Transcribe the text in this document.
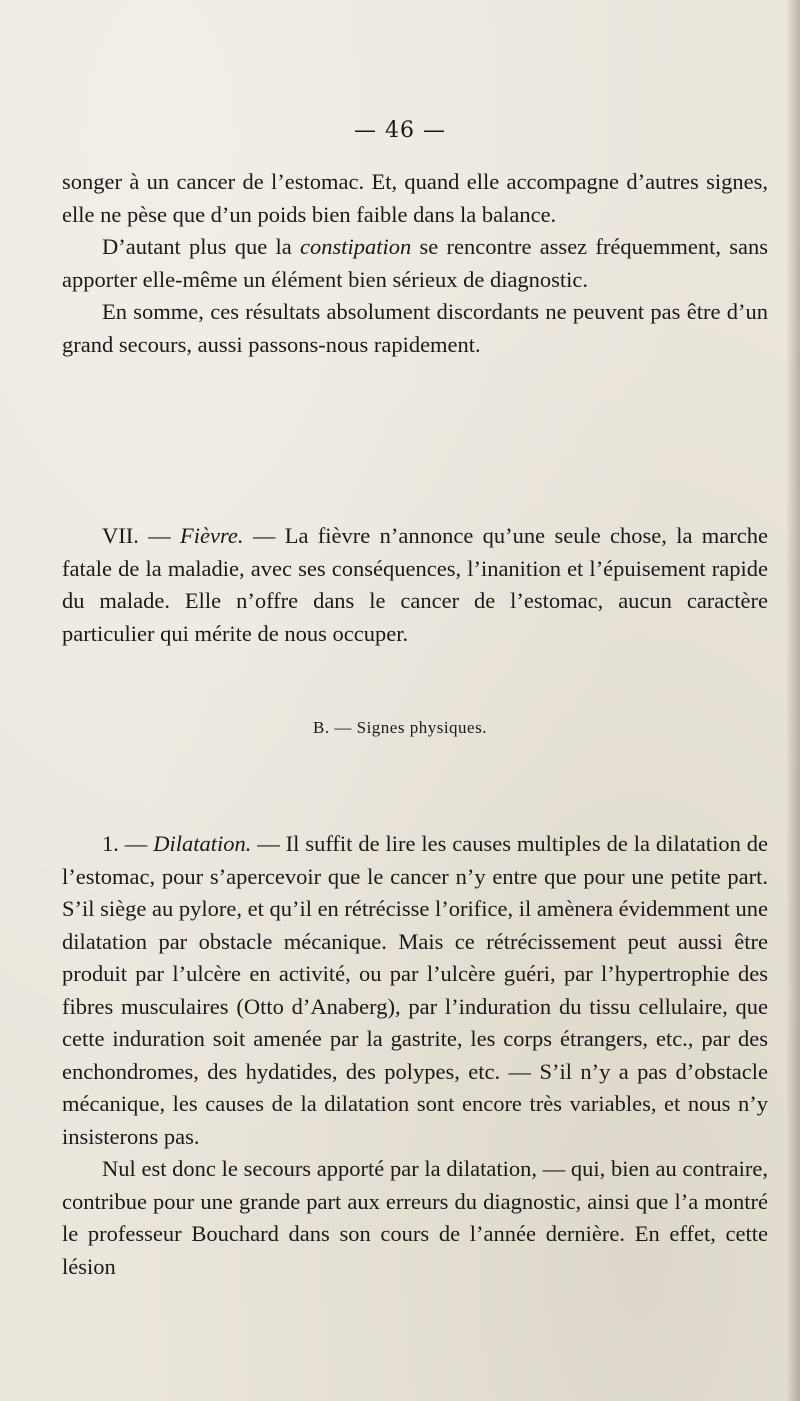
— 46 —

songer à un cancer de l’estomac. Et, quand elle accompagne d’autres signes, elle ne pèse que d’un poids bien faible dans la balance.

D’autant plus que la constipation se rencontre assez fréquemment, sans apporter elle-même un élément bien sérieux de diagnostic.

En somme, ces résultats absolument discordants ne peuvent pas être d’un grand secours, aussi passons-nous rapidement.

VII. — Fièvre. — La fièvre n’annonce qu’une seule chose, la marche fatale de la maladie, avec ses conséquences, l’inanition et l’épuisement rapide du malade. Elle n’offre dans le cancer de l’estomac, aucun caractère particulier qui mérite de nous occuper.

B. — Signes physiques.

1. — Dilatation. — Il suffit de lire les causes multiples de la dilatation de l’estomac, pour s’apercevoir que le cancer n’y entre que pour une petite part. S’il siège au pylore, et qu’il en rétrécisse l’orifice, il amènera évidemment une dilatation par obstacle mécanique. Mais ce rétrécissement peut aussi être produit par l’ulcère en activité, ou par l’ulcère guéri, par l’hypertrophie des fibres musculaires (Otto d’Anaberg), par l’induration du tissu cellulaire, que cette induration soit amenée par la gastrite, les corps étrangers, etc., par des enchondromes, des hydatides, des polypes, etc. — S’il n’y a pas d’obstacle mécanique, les causes de la dilatation sont encore très variables, et nous n’y insisterons pas.

Nul est donc le secours apporté par la dilatation, — qui, bien au contraire, contribue pour une grande part aux erreurs du diagnostic, ainsi que l’a montré le professeur Bouchard dans son cours de l’année dernière. En effet, cette lésion
